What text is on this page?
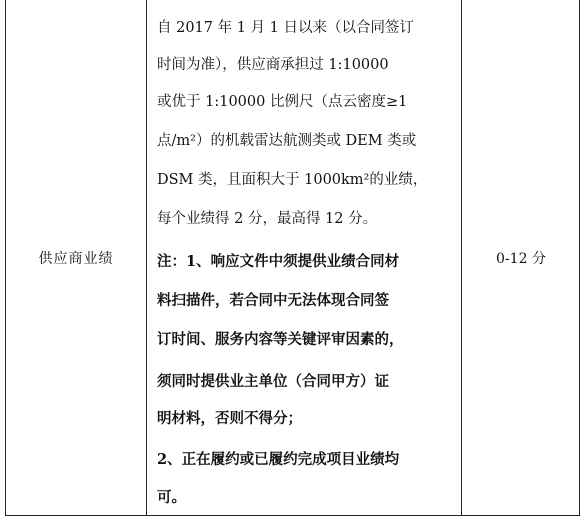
供应商业绩
自 2017 年 1 月 1 日以来（以合同签订
时间为准），供应商承担过 1:10000
或优于 1:10000 比例尺（点云密度≥1
点/m²）的机载雷达航测类或 DEM 类或
DSM 类，且面积大于 1000km²的业绩，
每个业绩得 2 分，最高得 12 分。
注：1、响应文件中须提供业绩合同材
料扫描件，若合同中无法体现合同签
订时间、服务内容等关键评审因素的，
须同时提供业主单位（合同甲方）证
明材料，否则不得分；
2、正在履约或已履约完成项目业绩均
可。
0-12 分
